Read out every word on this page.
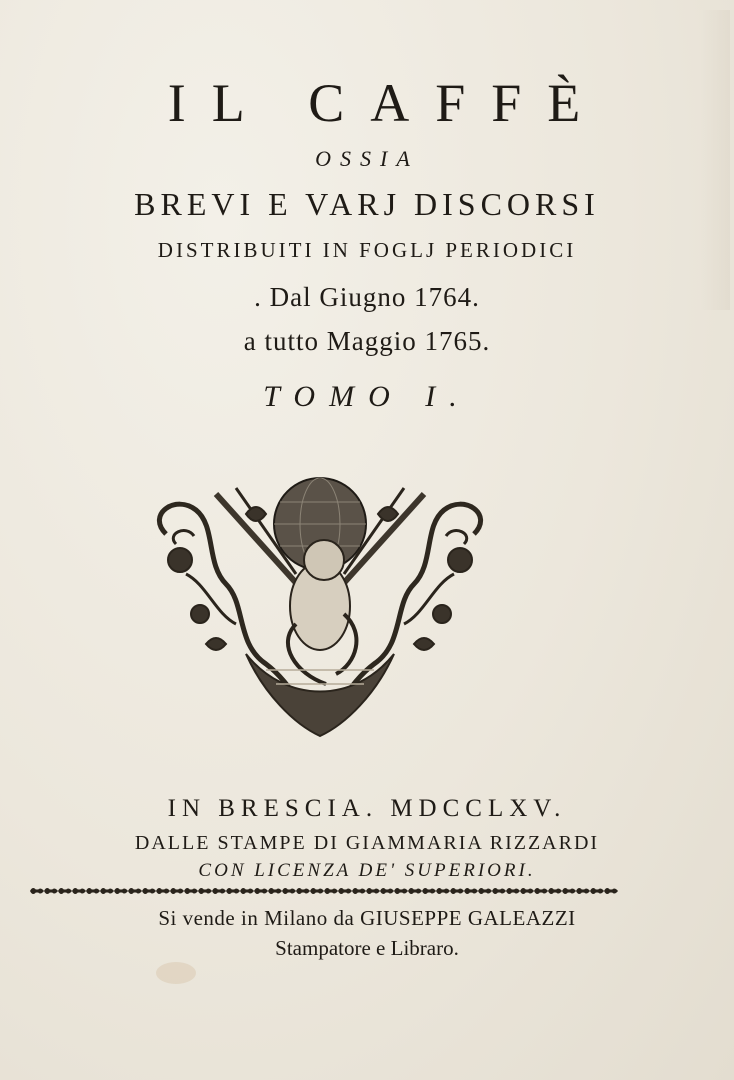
IL CAFFÈ
OSSIA
BREVI E VARJ DISCORSI
DISTRIBUITI IN FOGLJ PERIODICI
. Dal Giugno 1764.
a tutto Maggio 1765.
TOMO I.
IN BRESCIA. MDCCLXV.
DALLE STAMPE DI GIAMMARIA RIZZARDI
CON LICENZA DE' SUPERIORI.
Si vende in Milano da GIUSEPPE GALEAZZI
Stampatore e Libraro.
